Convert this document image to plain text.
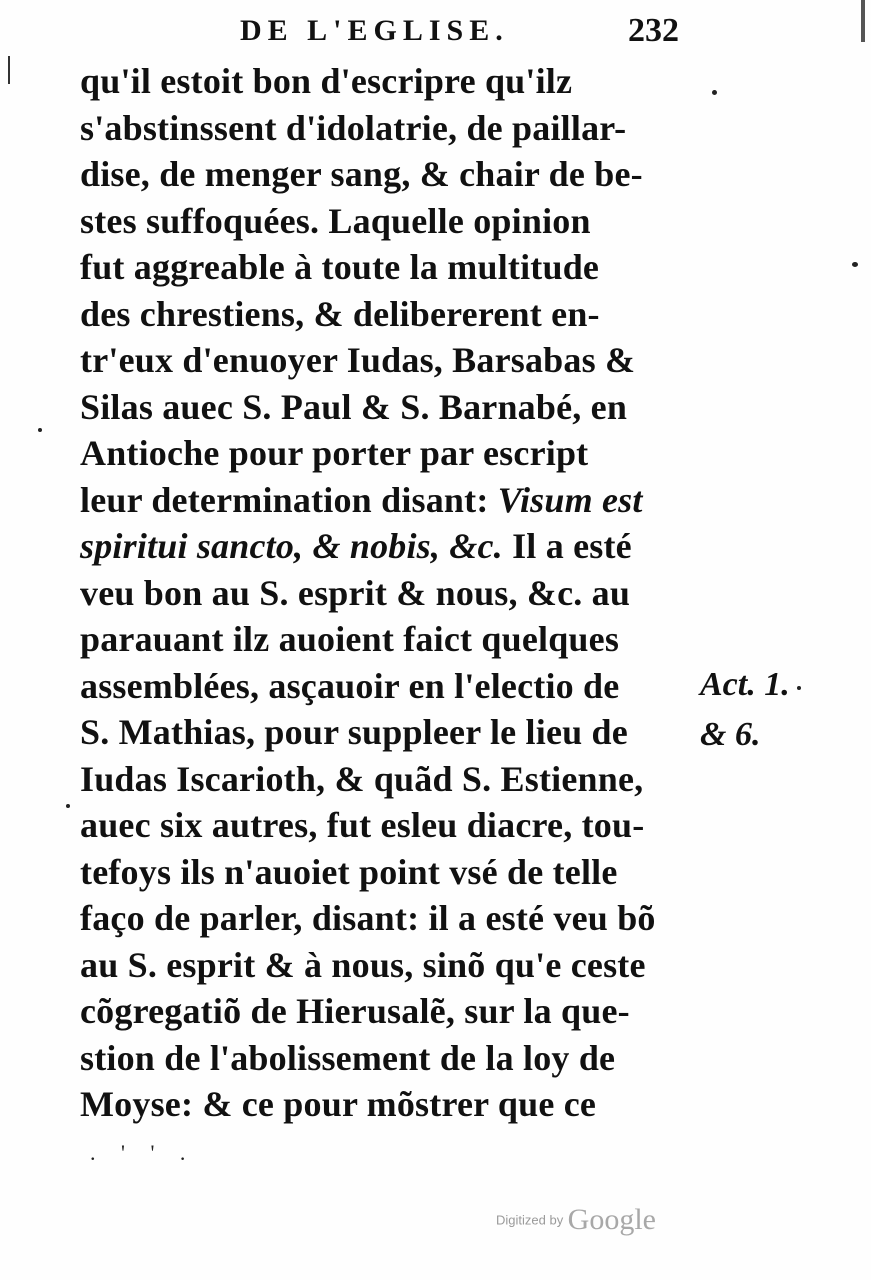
DE L'EGLISE.	232
qu'il estoit bon d'escripre qu'ilz
s'abstinssent d'idolatrie, de paillar-
dise, de menger sang, & chair de be-
stes suffoquées. Laquelle opinion
fut aggreable à toute la multitude
des chrestiens, & delibererent en-
tr'eux d'enuoyer Iudas, Barsabas &
Silas auec S. Paul & S. Barnabé, en
Antioche pour porter par escript
leur determination disant: Visum est
spiritui sancto, & nobis, &c. Il a esté
veu bon au S. esprit & nous, &c. au
parauant ilz auoient faict quelques
assemblées, asçauoir en l'electio de
S. Mathias, pour suppleer le lieu de
Iudas Iscarioth, & quãd S. Estienne,
auec six autres, fut esleu diacre, tou-
tefoys ils n'auoiet point vsé de telle
faço de parler, disant: il a esté veu bõ
au S. esprit & à nous, sinõ qu'e ceste
cõgregatiõ de Hierusalẽ, sur la que-
stion de l'abolissement de la loy de
Moyse: & ce pour mõstrer que ce
Act. 1.
& 6.
. ' ' .
Digitized by Google
